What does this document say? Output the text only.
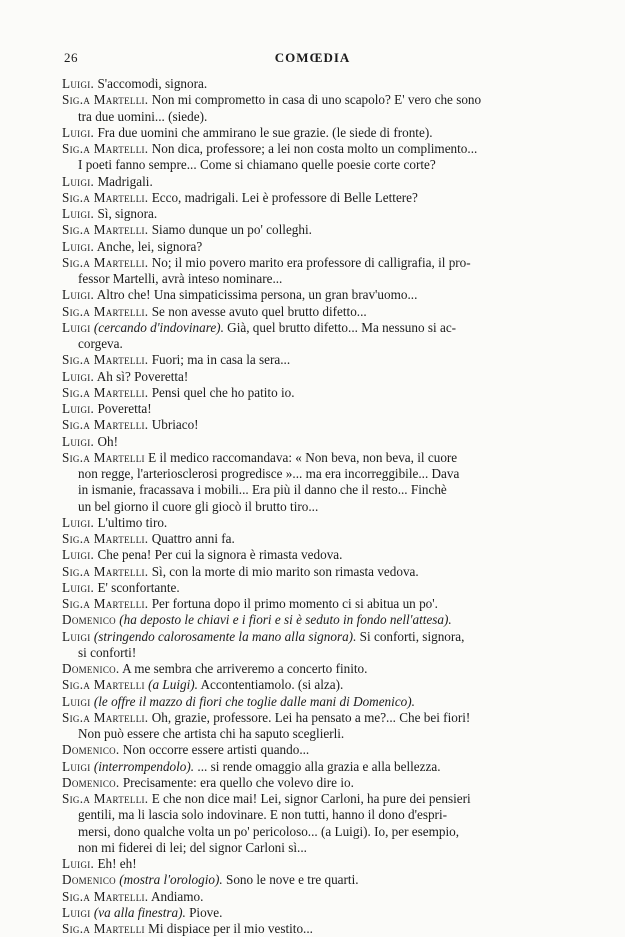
26	COMŒDIA
Luigi. S'accomodi, signora.
Sig.a Martelli. Non mi comprometto in casa di uno scapolo? E' vero che sono
tra due uomini... (siede).
Luigi. Fra due uomini che ammirano le sue grazie. (le siede di fronte).
Sig.a Martelli. Non dica, professore; a lei non costa molto un complimento...
I poeti fanno sempre... Come si chiamano quelle poesie corte corte?
Luigi. Madrigali.
Sig.a Martelli. Ecco, madrigali. Lei è professore di Belle Lettere?
Luigi. Sì, signora.
Sig.a Martelli. Siamo dunque un po' colleghi.
Luigi. Anche, lei, signora?
Sig.a Martelli. No; il mio povero marito era professore di calligrafia, il pro-
fessor Martelli, avrà inteso nominare...
Luigi. Altro che! Una simpaticissima persona, un gran brav'uomo...
Sig.a Martelli. Se non avesse avuto quel brutto difetto...
Luigi (cercando d'indovinare). Già, quel brutto difetto... Ma nessuno si ac-
corgeva.
Sig.a Martelli. Fuori; ma in casa la sera...
Luigi. Ah sì? Poveretta!
Sig.a Martelli. Pensi quel che ho patito io.
Luigi. Poveretta!
Sig.a Martelli. Ubriaco!
Luigi. Oh!
Sig.a Martelli E il medico raccomandava: « Non beva, non beva, il cuore
non regge, l'arteriosclerosi progredisce »... ma era incorreggibile... Dava
in ismanie, fracassava i mobili... Era più il danno che il resto... Finchè
un bel giorno il cuore gli giocò il brutto tiro...
Luigi. L'ultimo tiro.
Sig.a Martelli. Quattro anni fa.
Luigi. Che pena! Per cui la signora è rimasta vedova.
Sig.a Martelli. Sì, con la morte di mio marito son rimasta vedova.
Luigi. E' sconfortante.
Sig.a Martelli. Per fortuna dopo il primo momento ci si abitua un po'.
Domenico (ha deposto le chiavi e i fiori e si è seduto in fondo nell'attesa).
Luigi (stringendo calorosamente la mano alla signora). Si conforti, signora,
si conforti!
Domenico. A me sembra che arriveremo a concerto finito.
Sig.a Martelli (a Luigi). Accontentiamolo. (si alza).
Luigi (le offre il mazzo di fiori che toglie dalle mani di Domenico).
Sig.a Martelli. Oh, grazie, professore. Lei ha pensato a me?... Che bei fiori!
Non può essere che artista chi ha saputo sceglierli.
Domenico. Non occorre essere artisti quando...
Luigi (interrompendolo). ... si rende omaggio alla grazia e alla bellezza.
Domenico. Precisamente: era quello che volevo dire io.
Sig.a Martelli. E che non dice mai! Lei, signor Carloni, ha pure dei pensieri
gentili, ma li lascia solo indovinare. E non tutti, hanno il dono d'espri-
mersi, dono qualche volta un po' pericoloso... (a Luigi). Io, per esempio,
non mi fiderei di lei; del signor Carloni sì...
Luigi. Eh! eh!
Domenico (mostra l'orologio). Sono le nove e tre quarti.
Sig.a Martelli. Andiamo.
Luigi (va alla finestra). Piove.
Sig.a Martelli Mi dispiace per il mio vestito...
